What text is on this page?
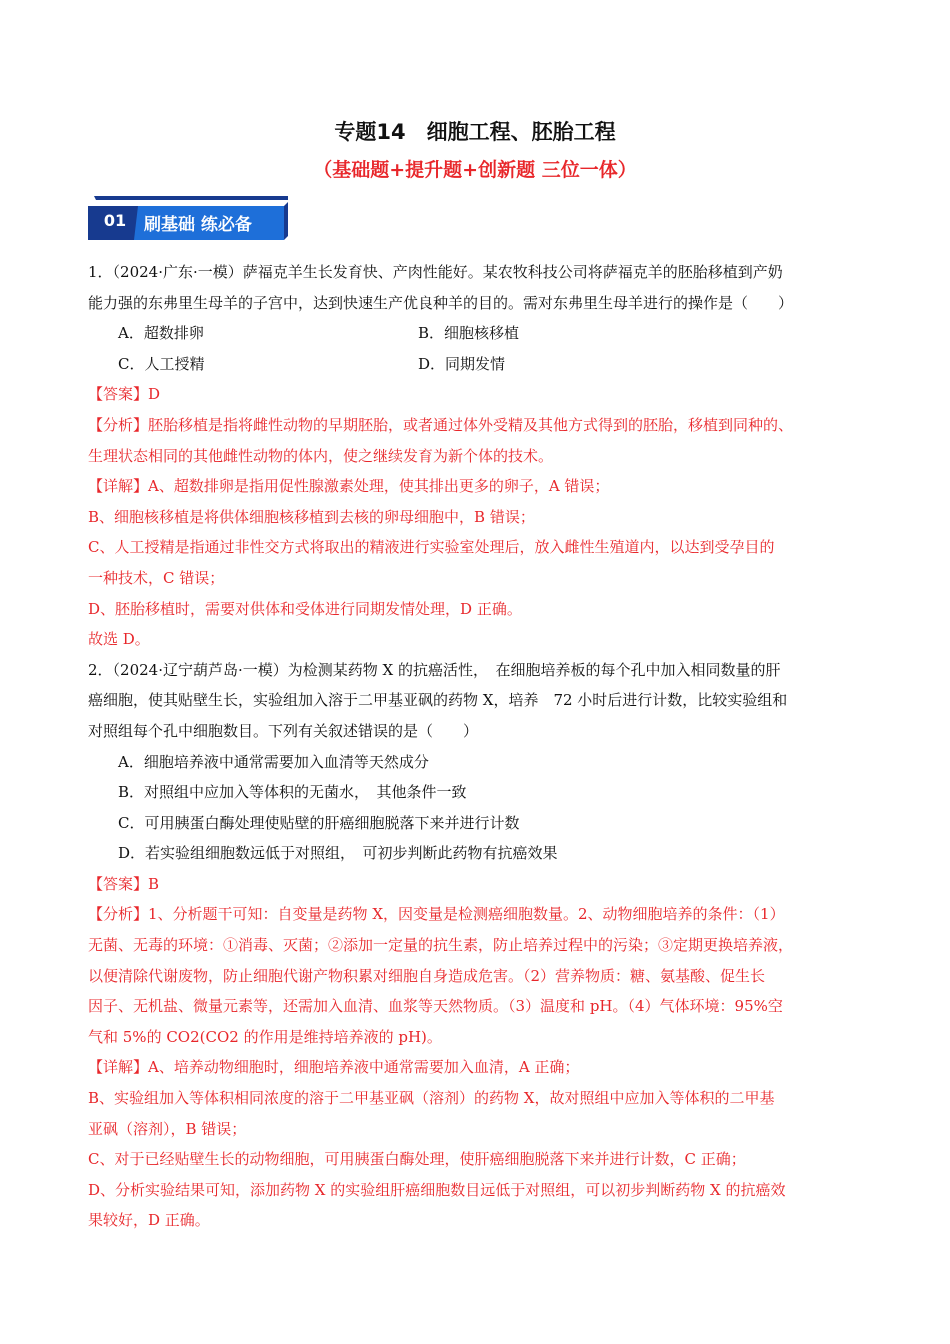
专题14　细胞工程、胚胎工程
（基础题+提升题+创新题 三位一体）
01 刷基础 练必备
1．（2024·广东·一模）萨福克羊生长发育快、产肉性能好。某农牧科技公司将萨福克羊的胚胎移植到产奶
能力强的东弗里生母羊的子宫中，达到快速生产优良种羊的目的。需对东弗里生母羊进行的操作是（　　）
A．超数排卵	B．细胞核移植
C．人工授精	D．同期发情
【答案】D
【分析】胚胎移植是指将雌性动物的早期胚胎，或者通过体外受精及其他方式得到的胚胎，移植到同种的、
生理状态相同的其他雌性动物的体内，使之继续发育为新个体的技术。
【详解】A、超数排卵是指用促性腺激素处理，使其排出更多的卵子，A 错误；
B、细胞核移植是将供体细胞核移植到去核的卵母细胞中，B 错误；
C、人工授精是指通过非性交方式将取出的精液进行实验室处理后，放入雌性生殖道内，以达到受孕目的
一种技术，C 错误；
D、胚胎移植时，需要对供体和受体进行同期发情处理，D 正确。
故选 D。
2．（2024·辽宁葫芦岛·一模）为检测某药物 X 的抗癌活性，　在细胞培养板的每个孔中加入相同数量的肝
癌细胞，使其贴壁生长，实验组加入溶于二甲基亚砜的药物 X，培养　72 小时后进行计数，比较实验组和
对照组每个孔中细胞数目。下列有关叙述错误的是（　　）
A．细胞培养液中通常需要加入血清等天然成分
B．对照组中应加入等体积的无菌水，　其他条件一致
C．可用胰蛋白酶处理使贴壁的肝癌细胞脱落下来并进行计数
D．若实验组细胞数远低于对照组，　可初步判断此药物有抗癌效果
【答案】B
【分析】1、分析题干可知：自变量是药物 X，因变量是检测癌细胞数量。2、动物细胞培养的条件：（1）
无菌、无毒的环境：①消毒、灭菌；②添加一定量的抗生素，防止培养过程中的污染；③定期更换培养液，
以便清除代谢废物，防止细胞代谢产物积累对细胞自身造成危害。（2）营养物质：糖、氨基酸、促生长
因子、无机盐、微量元素等，还需加入血清、血浆等天然物质。（3）温度和 pH。（4）气体环境：95%空
气和 5%的 CO2(CO2 的作用是维持培养液的 pH)。
【详解】A、培养动物细胞时，细胞培养液中通常需要加入血清，A 正确；
B、实验组加入等体积相同浓度的溶于二甲基亚砜（溶剂）的药物 X，故对照组中应加入等体积的二甲基
亚砜（溶剂），B 错误；
C、对于已经贴壁生长的动物细胞，可用胰蛋白酶处理，使肝癌细胞脱落下来并进行计数，C 正确；
D、分析实验结果可知，添加药物 X 的实验组肝癌细胞数目远低于对照组，可以初步判断药物 X 的抗癌效
果较好，D 正确。
